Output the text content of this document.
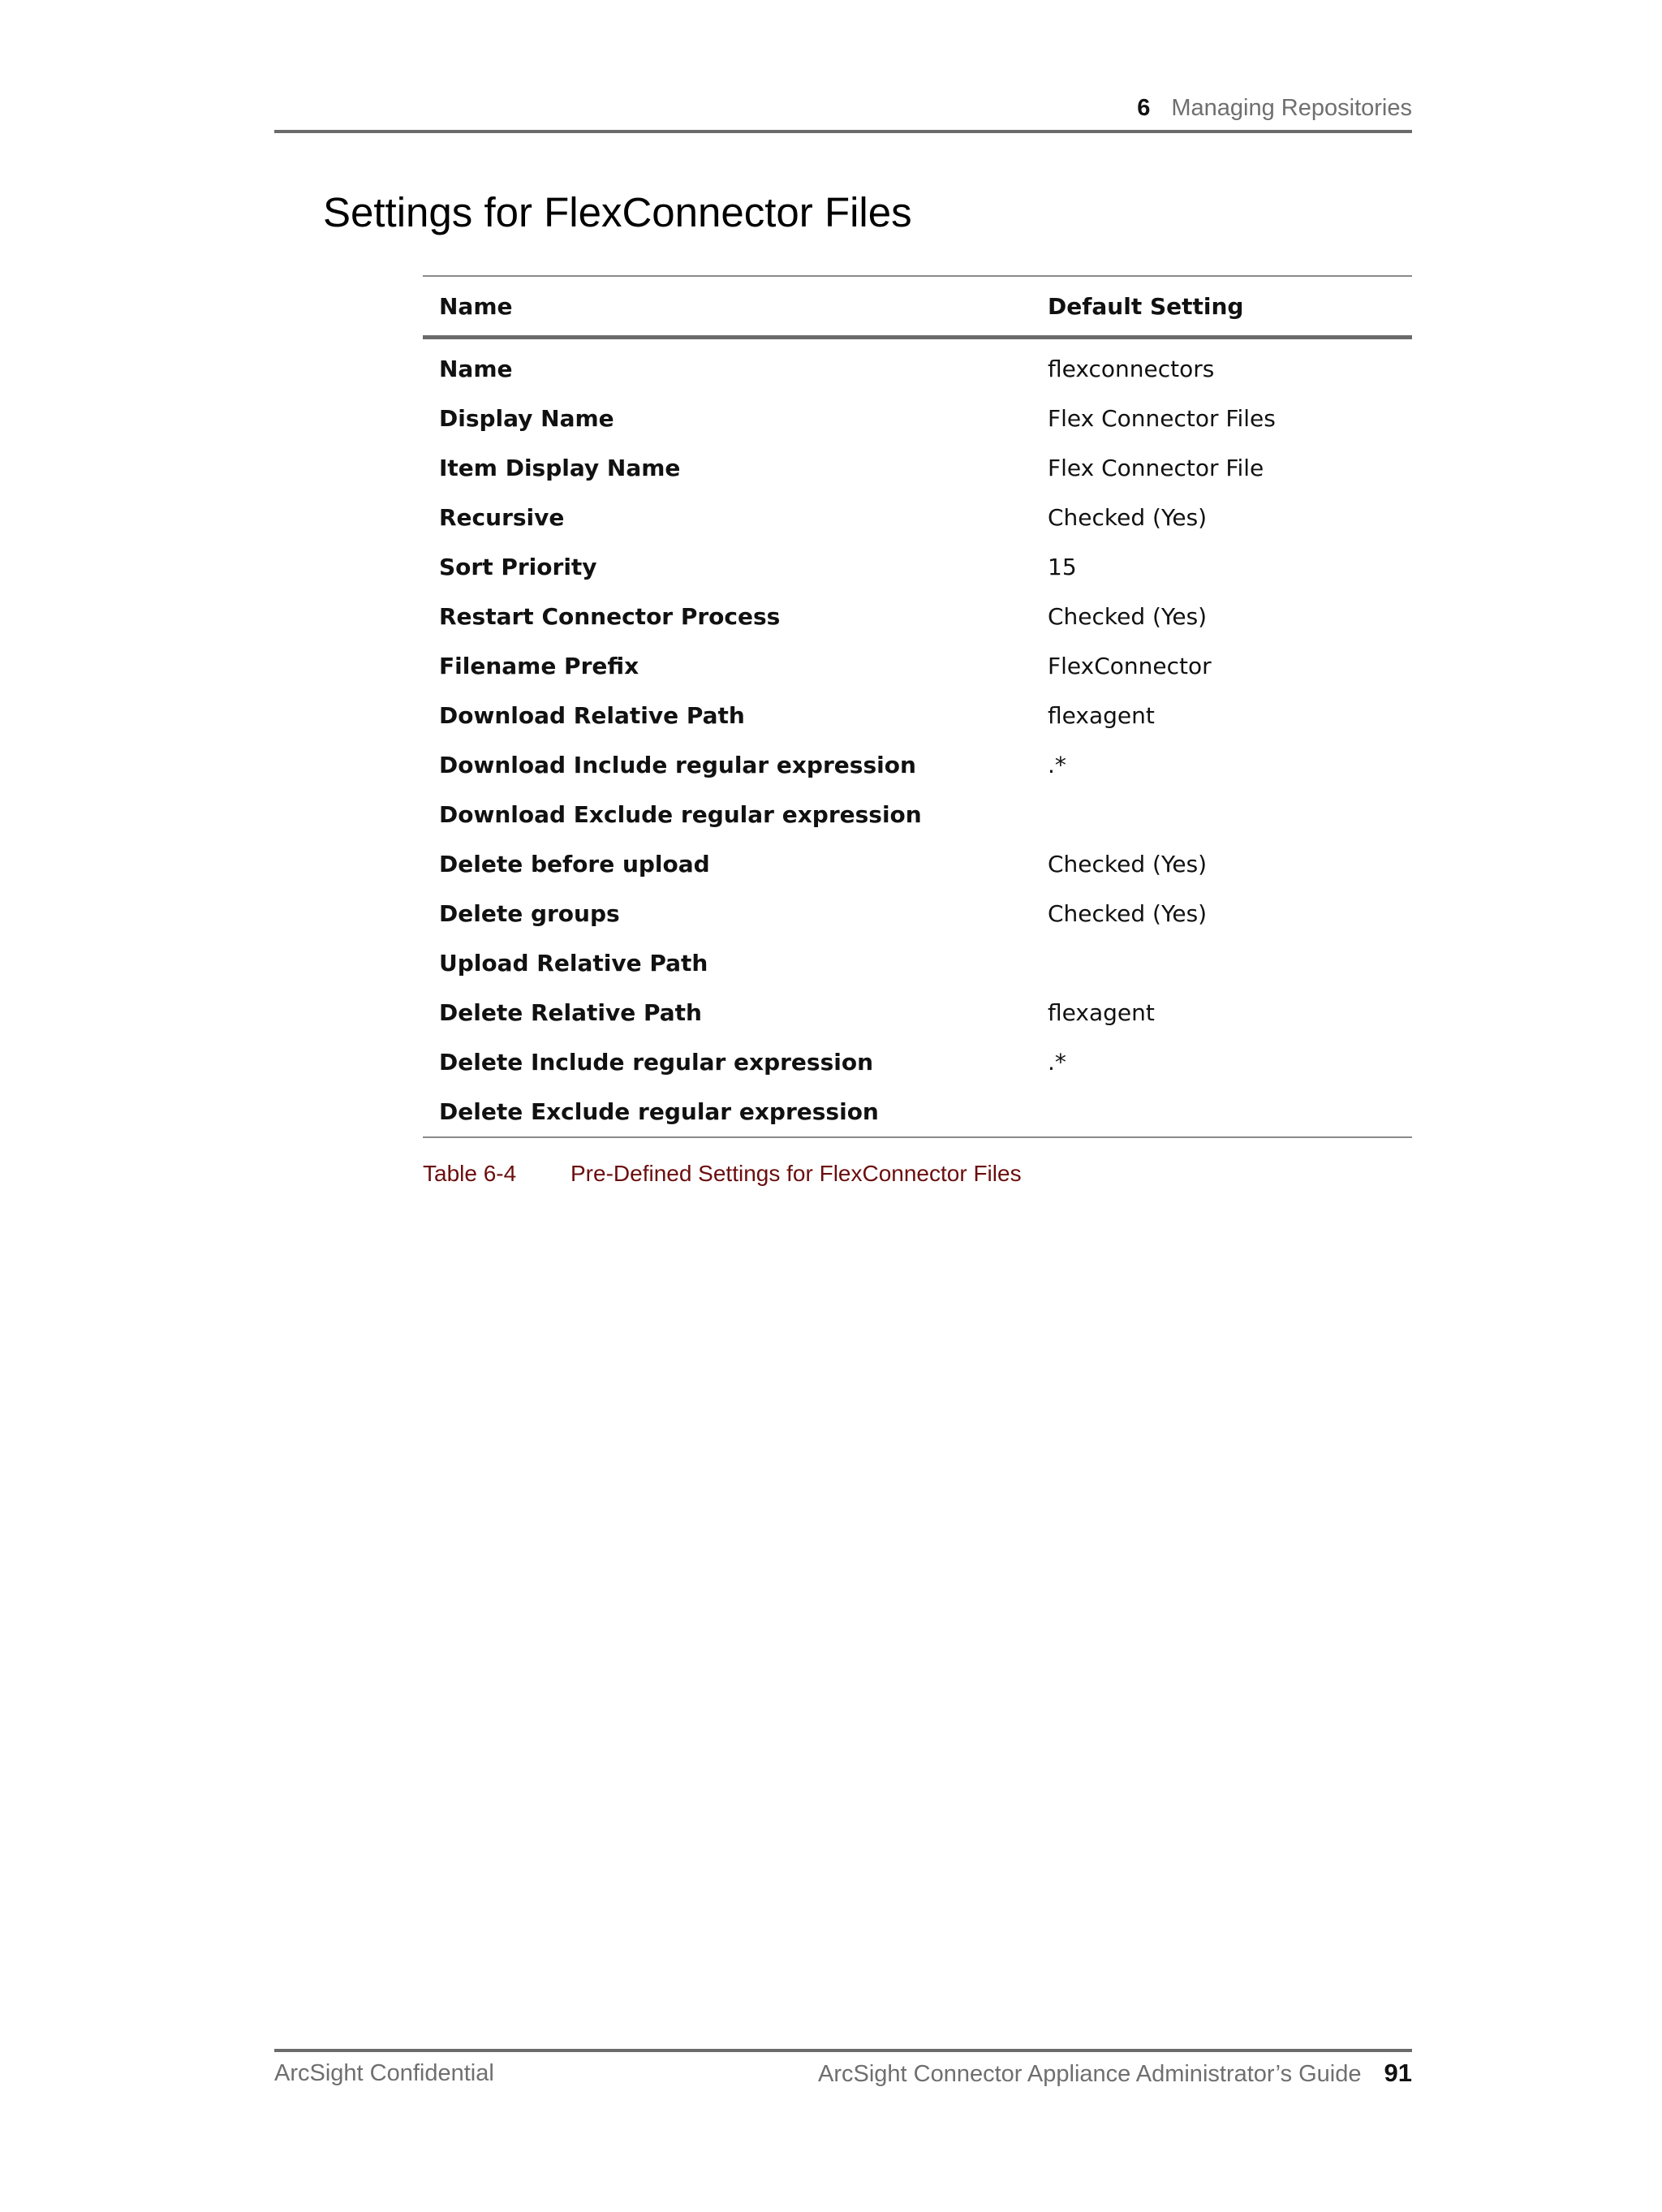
6 Managing Repositories
Settings for FlexConnector Files
Name	Default Setting
Name	flexconnectors
Display Name	Flex Connector Files
Item Display Name	Flex Connector File
Recursive	Checked (Yes)
Sort Priority	15
Restart Connector Process	Checked (Yes)
Filename Prefix	FlexConnector
Download Relative Path	flexagent
Download Include regular expression	.*
Download Exclude regular expression	
Delete before upload	Checked (Yes)
Delete groups	Checked (Yes)
Upload Relative Path	
Delete Relative Path	flexagent
Delete Include regular expression	.*
Delete Exclude regular expression	
Table 6-4 Pre-Defined Settings for FlexConnector Files
ArcSight Confidential	ArcSight Connector Appliance Administrator’s Guide 91
